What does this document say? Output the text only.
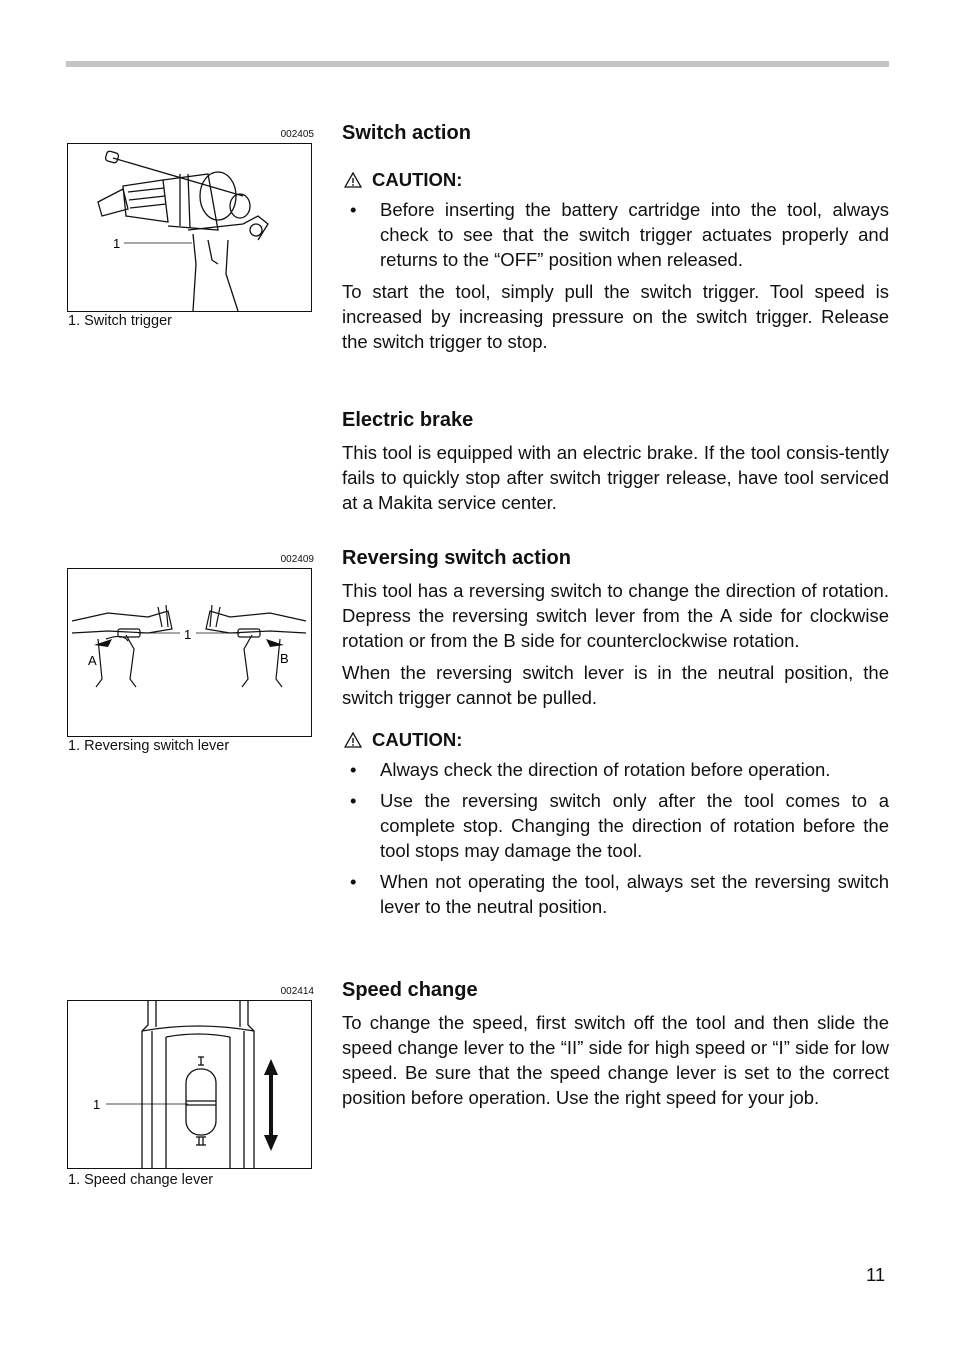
002405
1
1. Switch trigger
002409
1
A	B
1. Reversing switch lever
002414
1
1. Speed change lever
Switch action
CAUTION:
• Before inserting the battery cartridge into the tool, always check to see that the switch trigger actuates properly and returns to the “OFF” position when released.

To start the tool, simply pull the switch trigger. Tool speed is increased by increasing pressure on the switch trigger. Release the switch trigger to stop.

Electric brake

This tool is equipped with an electric brake. If the tool consis-tently fails to quickly stop after switch trigger release, have tool serviced at a Makita service center.

Reversing switch action

This tool has a reversing switch to change the direction of rotation. Depress the reversing switch lever from the A side for clockwise rotation or from the B side for counterclockwise rotation.

When the reversing switch lever is in the neutral position, the switch trigger cannot be pulled.

CAUTION:
• Always check the direction of rotation before operation.
• Use the reversing switch only after the tool comes to a complete stop. Changing the direction of rotation before the tool stops may damage the tool.
• When not operating the tool, always set the reversing switch lever to the neutral position.
Speed change

To change the speed, first switch off the tool and then slide the speed change lever to the “II” side for high speed or “I” side for low speed. Be sure that the speed change lever is set to the correct position before operation. Use the right speed for your job.

11
